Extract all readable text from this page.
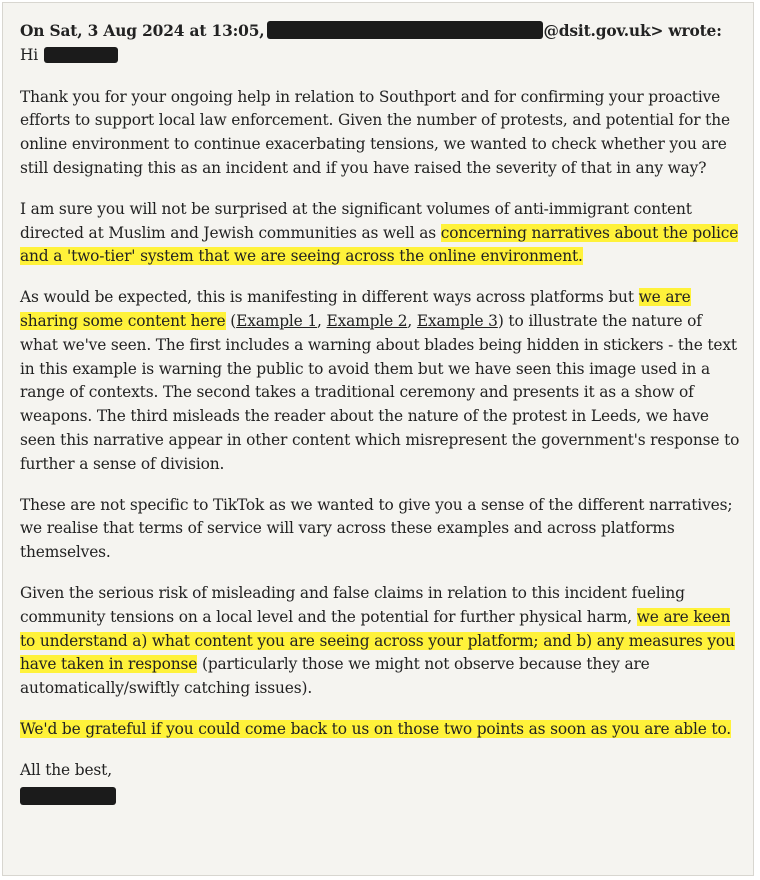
On Sat, 3 Aug 2024 at 13:05,	@dsit.gov.uk> wrote:
Hi

Thank you for your ongoing help in relation to Southport and for confirming your proactive efforts to support local law enforcement. Given the number of protests, and potential for the online environment to continue exacerbating tensions, we wanted to check whether you are still designating this as an incident and if you have raised the severity of that in any way?

I am sure you will not be surprised at the significant volumes of anti-immigrant content directed at Muslim and Jewish communities as well as concerning narratives about the police and a 'two-tier' system that we are seeing across the online environment.

As would be expected, this is manifesting in different ways across platforms but we are sharing some content here (Example 1, Example 2, Example 3) to illustrate the nature of what we've seen. The first includes a warning about blades being hidden in stickers - the text in this example is warning the public to avoid them but we have seen this image used in a range of contexts. The second takes a traditional ceremony and presents it as a show of weapons. The third misleads the reader about the nature of the protest in Leeds, we have seen this narrative appear in other content which misrepresent the government's response to further a sense of division.

These are not specific to TikTok as we wanted to give you a sense of the different narratives; we realise that terms of service will vary across these examples and across platforms themselves.

Given the serious risk of misleading and false claims in relation to this incident fueling community tensions on a local level and the potential for further physical harm, we are keen to understand a) what content you are seeing across your platform; and b) any measures you have taken in response (particularly those we might not observe because they are automatically/swiftly catching issues).

We'd be grateful if you could come back to us on those two points as soon as you are able to.

All the best,
